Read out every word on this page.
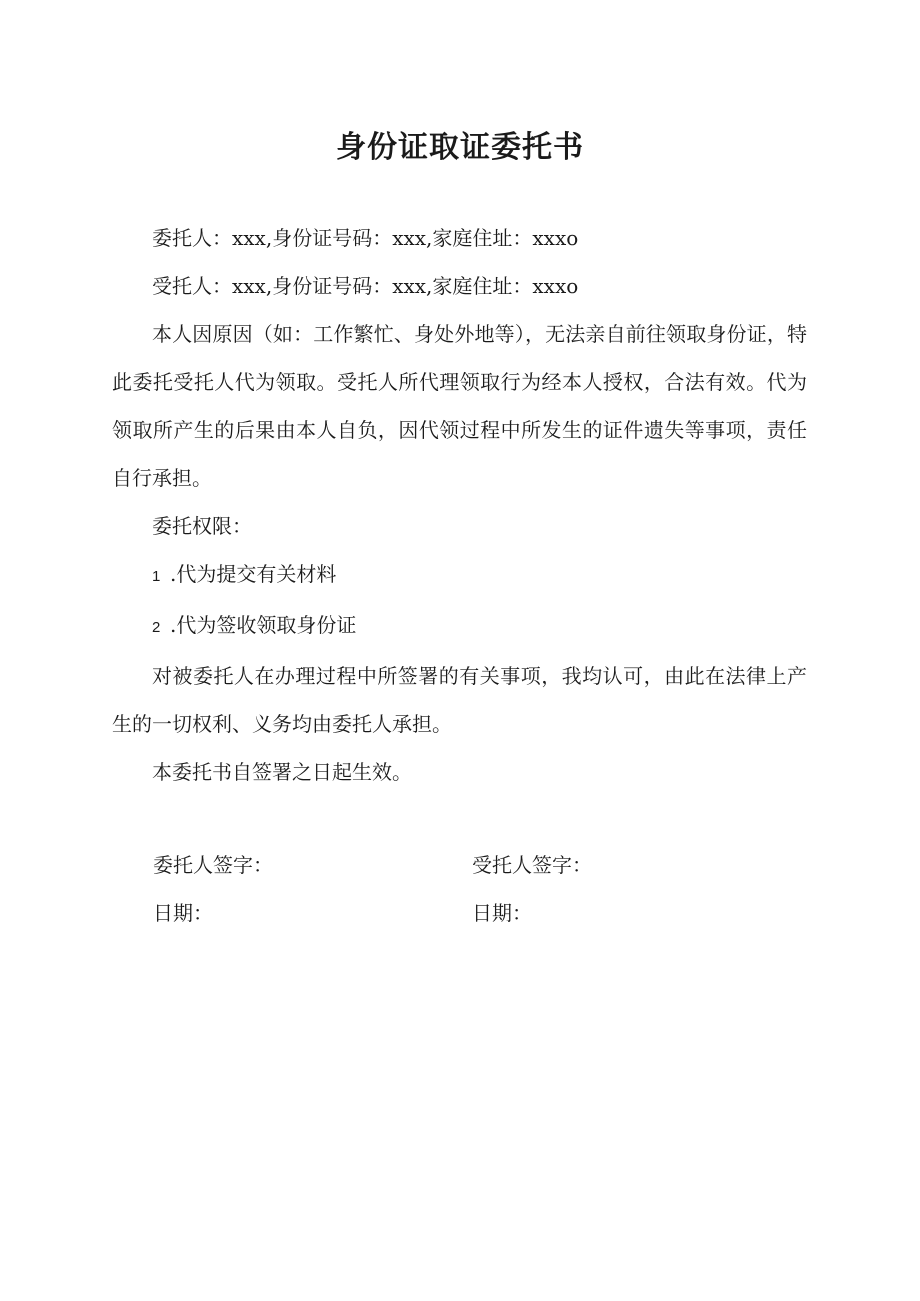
身份证取证委托书

委托人：xxx,身份证号码：xxx,家庭住址：xxxo

受托人：xxx,身份证号码：xxx,家庭住址：xxxo

本人因原因（如：工作繁忙、身处外地等），无法亲自前往领取身份证，特此委托受托人代为领取。受托人所代理领取行为经本人授权，合法有效。代为领取所产生的后果由本人自负，因代领过程中所发生的证件遗失等事项，责任自行承担。

委托权限：

1 .代为提交有关材料
2 .代为签收领取身份证

对被委托人在办理过程中所签署的有关事项，我均认可，由此在法律上产生的一切权利、义务均由委托人承担。

本委托书自签署之日起生效。

委托人签字：
日期：
受托人签字：
日期：
